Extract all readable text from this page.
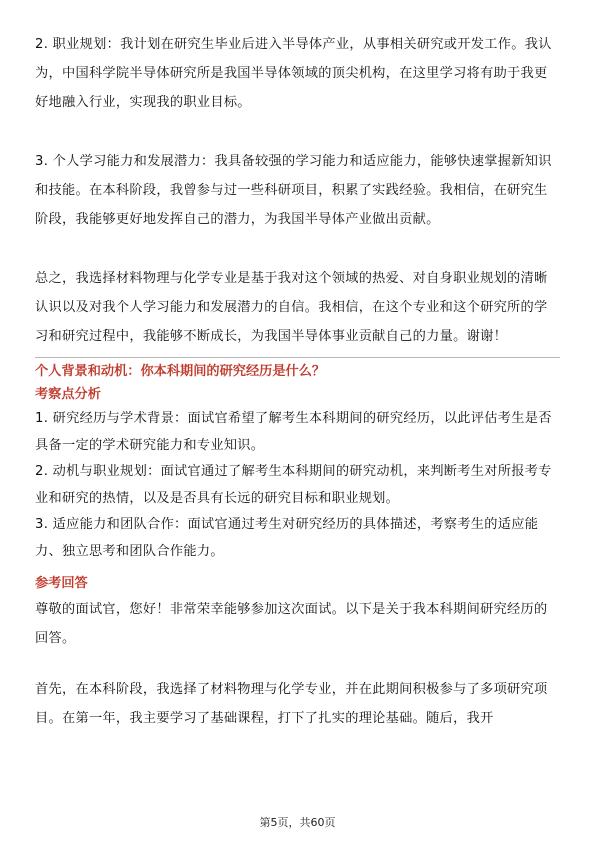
2. 职业规划：我计划在研究生毕业后进入半导体产业，从事相关研究或开发工作。我认为，中国科学院半导体研究所是我国半导体领域的顶尖机构，在这里学习将有助于我更好地融入行业，实现我的职业目标。

3. 个人学习能力和发展潜力：我具备较强的学习能力和适应能力，能够快速掌握新知识和技能。在本科阶段，我曾参与过一些科研项目，积累了实践经验。我相信，在研究生阶段，我能够更好地发挥自己的潜力，为我国半导体产业做出贡献。

总之，我选择材料物理与化学专业是基于我对这个领域的热爱、对自身职业规划的清晰认识以及对我个人学习能力和发展潜力的自信。我相信，在这个专业和这个研究所的学习和研究过程中，我能够不断成长，为我国半导体事业贡献自己的力量。谢谢！

个人背景和动机：你本科期间的研究经历是什么？
考察点分析

1. 研究经历与学术背景：面试官希望了解考生本科期间的研究经历，以此评估考生是否具备一定的学术研究能力和专业知识。

2. 动机与职业规划：面试官通过了解考生本科期间的研究动机，来判断考生对所报考专业和研究的热情，以及是否具有长远的研究目标和职业规划。

3. 适应能力和团队合作：面试官通过考生对研究经历的具体描述，考察考生的适应能力、独立思考和团队合作能力。

参考回答

尊敬的面试官，您好！非常荣幸能够参加这次面试。以下是关于我本科期间研究经历的回答。

首先，在本科阶段，我选择了材料物理与化学专业，并在此期间积极参与了多项研究项目。在第一年，我主要学习了基础课程，打下了扎实的理论基础。随后，我开

第5页，共60页
